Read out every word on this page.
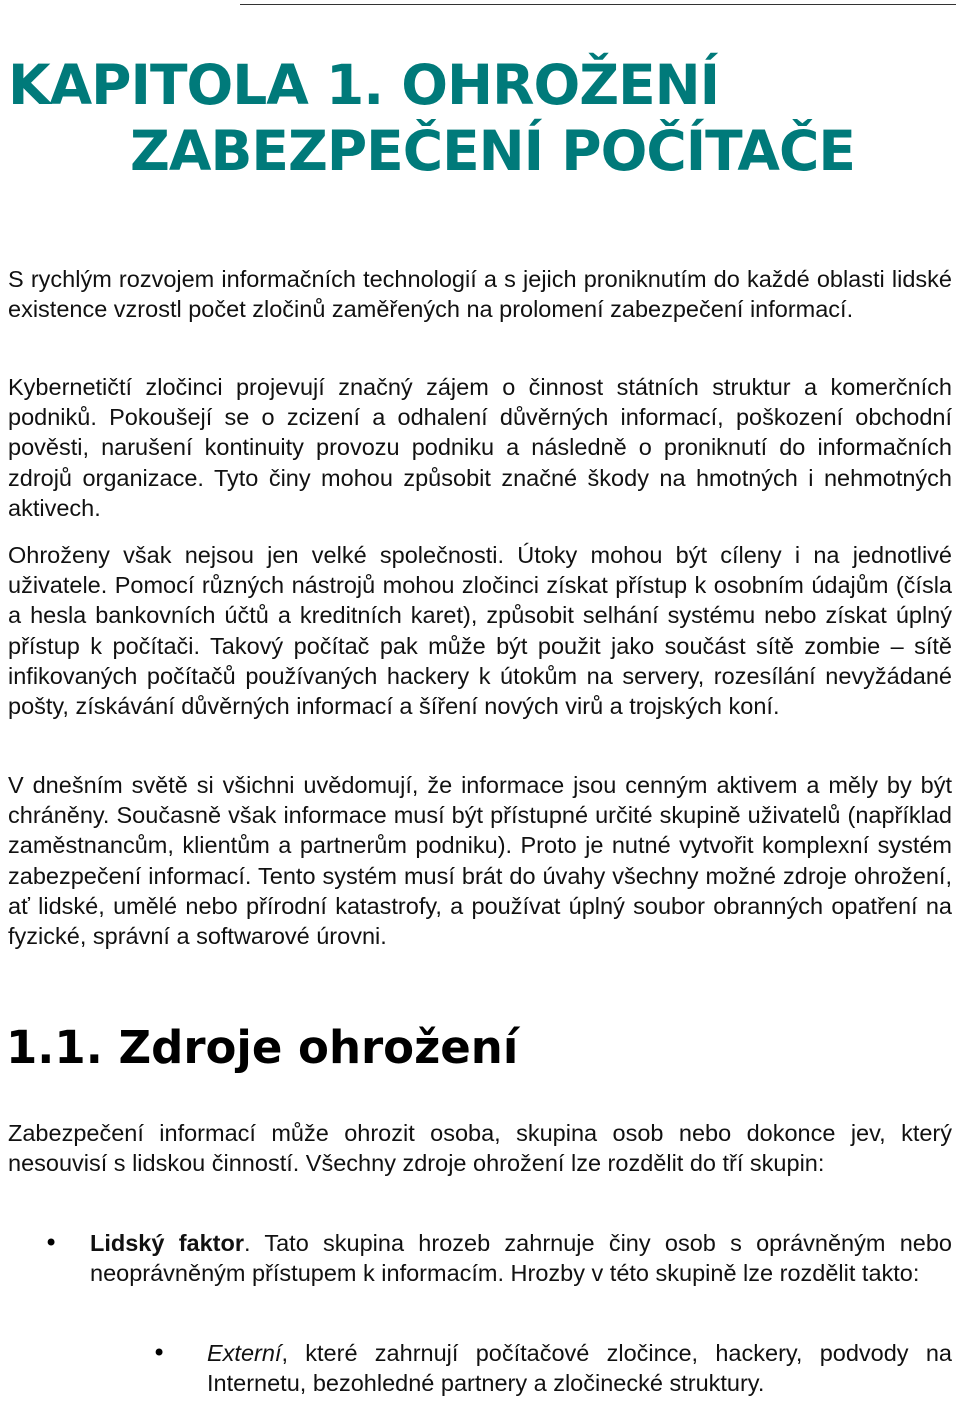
KAPITOLA 1. OHROŽENÍ
ZABEZPEČENÍ POČÍTAČE

S rychlým rozvojem informačních technologií a s jejich proniknutím do každé oblasti lidské existence vzrostl počet zločinů zaměřených na prolomení zabezpečení informací.

Kybernetičtí zločinci projevují značný zájem o činnost státních struktur a komerčních podniků. Pokoušejí se o zcizení a odhalení důvěrných informací, poškození obchodní pověsti, narušení kontinuity provozu podniku a následně o proniknutí do informačních zdrojů organizace. Tyto činy mohou způsobit značné škody na hmotných i nehmotných aktivech.

Ohroženy však nejsou jen velké společnosti. Útoky mohou být cíleny i na jednotlivé uživatele. Pomocí různých nástrojů mohou zločinci získat přístup k osobním údajům (čísla a hesla bankovních účtů a kreditních karet), způsobit selhání systému nebo získat úplný přístup k počítači. Takový počítač pak může být použit jako součást sítě zombie – sítě infikovaných počítačů používaných hackery k útokům na servery, rozesílání nevyžádané pošty, získávání důvěrných informací a šíření nových virů a trojských koní.

V dnešním světě si všichni uvědomují, že informace jsou cenným aktivem a měly by být chráněny. Současně však informace musí být přístupné určité skupině uživatelů (například zaměstnancům, klientům a partnerům podniku). Proto je nutné vytvořit komplexní systém zabezpečení informací. Tento systém musí brát do úvahy všechny možné zdroje ohrožení, ať lidské, umělé nebo přírodní katastrofy, a používat úplný soubor obranných opatření na fyzické, správní a softwarové úrovni.

1.1. Zdroje ohrožení

Zabezpečení informací může ohrozit osoba, skupina osob nebo dokonce jev, který nesouvisí s lidskou činností. Všechny zdroje ohrožení lze rozdělit do tří skupin:

• Lidský faktor. Tato skupina hrozeb zahrnuje činy osob s oprávněným nebo neoprávněným přístupem k informacím. Hrozby v této skupině lze rozdělit takto:

• Externí, které zahrnují počítačové zločince, hackery, podvody na Internetu, bezohledné partnery a zločinecké struktury.
